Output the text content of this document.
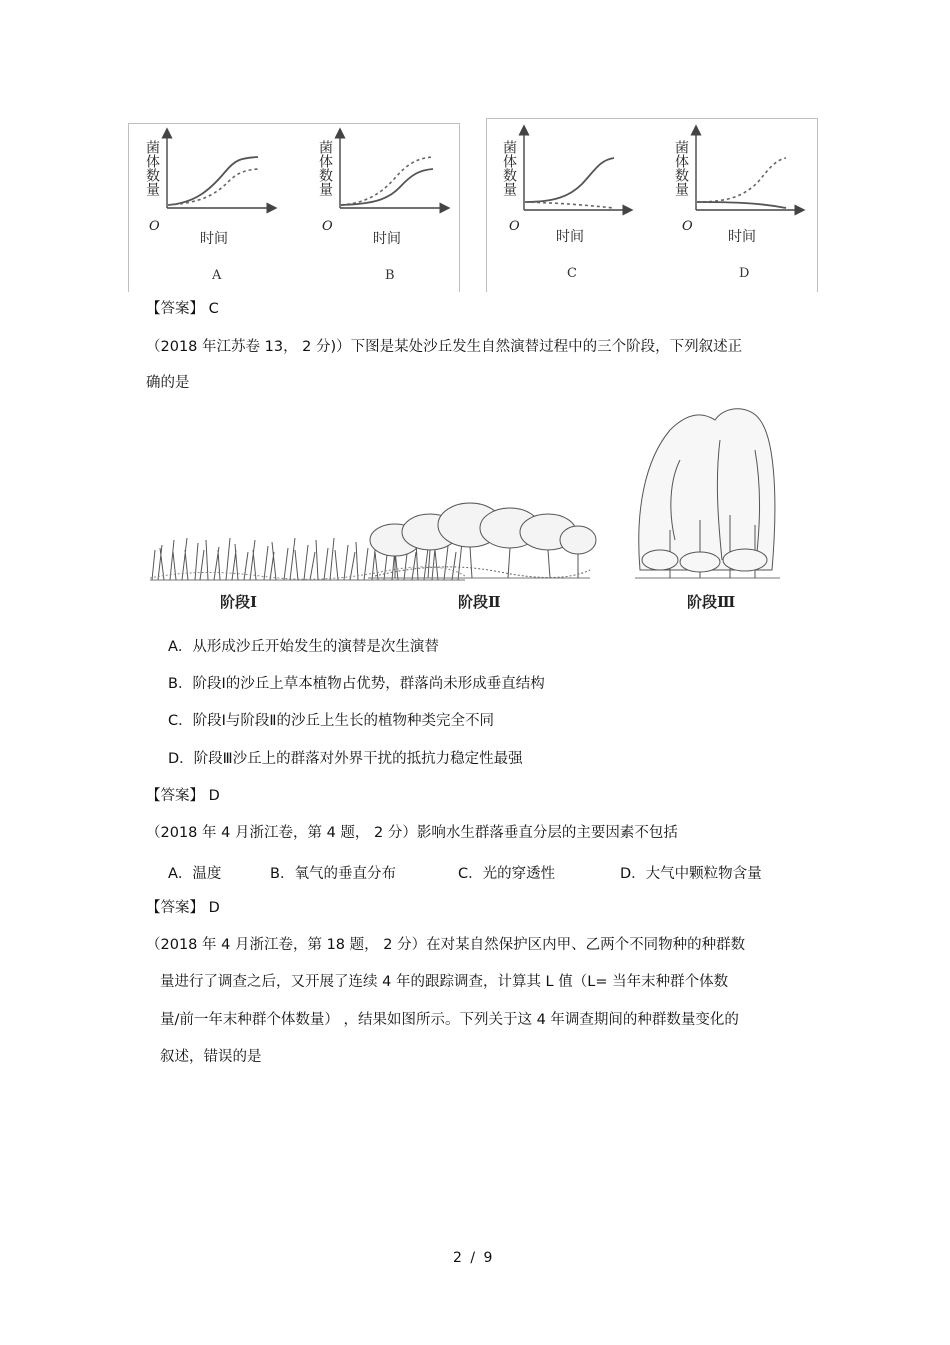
菌体数量
O
时间
A
菌体数量
O
时间
B
菌体数量
O
时间
C
菌体数量
O
时间
D
【答案】 C
（2018 年江苏卷 13， 2 分)）下图是某处沙丘发生自然演替过程中的三个阶段，下列叙述正
确的是
阶段Ⅰ	阶段Ⅱ	阶段Ⅲ
A．从形成沙丘开始发生的演替是次生演替
B．阶段Ⅰ的沙丘上草本植物占优势，群落尚未形成垂直结构
C．阶段Ⅰ与阶段Ⅱ的沙丘上生长的植物种类完全不同
D．阶段Ⅲ沙丘上的群落对外界干扰的抵抗力稳定性最强
【答案】 D
（2018 年 4 月浙江卷，第 4 题， 2 分）影响水生群落垂直分层的主要因素不包括
A．温度	B．氧气的垂直分布	C．光的穿透性	D．大气中颗粒物含量
【答案】 D
（2018 年 4 月浙江卷，第 18 题， 2 分）在对某自然保护区内甲、乙两个不同物种的种群数
量进行了调查之后，又开展了连续 4 年的跟踪调查，计算其 L 值（L= 当年末种群个体数
量/前一年末种群个体数量） ，结果如图所示。下列关于这 4 年调查期间的种群数量变化的
叙述，错误的是
2 / 9
